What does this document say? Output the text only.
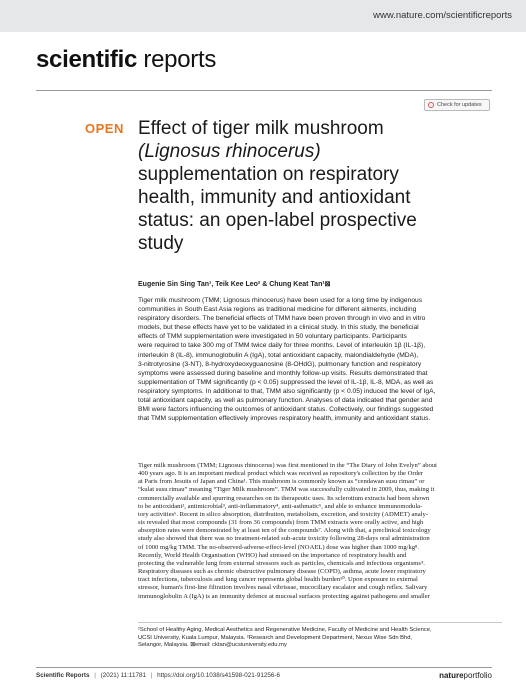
www.nature.com/scientificreports
scientific reports
Check for updates
OPEN Effect of tiger milk mushroom
(Lignosus rhinocerus)
supplementation on respiratory
health, immunity and antioxidant
status: an open-label prospective
study
Eugenie Sin Sing Tan¹, Teik Kee Leo² & Chung Keat Tan¹⊠
Tiger milk mushroom (TMM; Lignosus rhinocerus) have been used for a long time by indigenous
communities in South East Asia regions as traditional medicine for different ailments, including
respiratory disorders. The beneficial effects of TMM have been proven through in vivo and in vitro
models, but these effects have yet to be validated in a clinical study. In this study, the beneficial
effects of TMM supplementation were investigated in 50 voluntary participants. Participants
were required to take 300 mg of TMM twice daily for three months. Level of interleukin 1β (IL-1β),
interleukin 8 (IL-8), immunoglobulin A (IgA), total antioxidant capacity, malondialdehyde (MDA),
3-nitrotyrosine (3-NT), 8-hydroxydeoxyguanosine (8-OHdG), pulmonary function and respiratory
symptoms were assessed during baseline and monthly follow-up visits. Results demonstrated that
supplementation of TMM significantly (p < 0.05) suppressed the level of IL-1β, IL-8, MDA, as well as
respiratory symptoms. In additional to that, TMM also significantly (p < 0.05) induced the level of IgA,
total antioxidant capacity, as well as pulmonary function. Analyses of data indicated that gender and
BMI were factors influencing the outcomes of antioxidant status. Collectively, our findings suggested
that TMM supplementation effectively improves respiratory health, immunity and antioxidant status.
Tiger milk mushroom (TMM; Lignosus rhinocerus) was first mentioned in the “The Diary of John Evelyn” about
400 years ago. It is an important medical product which was received as repository's collection by the Order
at Paris from Jesuits of Japan and China¹. This mushroom is commonly known as “cendawan susu rimau” or
“kulat susu rimau” meaning “Tiger Milk mushroom”. TMM was successfully cultivated in 2009, thus, making it
commercially available and spurring researches on its therapeutic uses. Its sclerotium extracts had been shown
to be antioxidant², antimicrobial³, anti-inflammatory⁴, anti-asthmatic⁵, and able to enhance immunomodula-
tory activities⁶. Recent in silico absorption, distribution, metabolism, excretion, and toxicity (ADMET) analy-
sis revealed that most compounds (31 from 36 compounds) from TMM extracts were orally active, and high
absorption rates were demonstrated by at least ten of the compounds⁷. Along with that, a preclinical toxicology
study also showed that there was no treatment-related sub-acute toxicity following 28-days oral administration
of 1000 mg/kg TMM. The no-observed-adverse-effect-level (NOAEL) dose was higher than 1000 mg/kg⁸.
Recently, World Health Organisation (WHO) had stressed on the importance of respiratory health and
protecting the vulnerable lung from external stressors such as particles, chemicals and infectious organisms⁹.
Respiratory diseases such as chronic obstructive pulmonary disease (COPD), asthma, acute lower respiratory
tract infections, tuberculosis and lung cancer represents global health burden¹⁰. Upon exposure to external
stressor, human's first-line filtration involves nasal vibrissae, mucociliary escalator and cough reflex. Salivary
immunoglobulin A (IgA) is an immunity defence at mucosal surfaces protecting against pathogens and smaller
¹School of Healthy Aging, Medical Aesthetics and Regenerative Medicine, Faculty of Medicine and Health Science,
UCSI University, Kuala Lumpur, Malaysia. ²Research and Development Department, Nexus Wise Sdn Bhd,
Selangor, Malaysia. ⊠email: cktan@ucsiuniversity.edu.my
Scientific Reports | (2021) 11:11781 | https://doi.org/10.1038/s41598-021-91256-6	natureportfolio
